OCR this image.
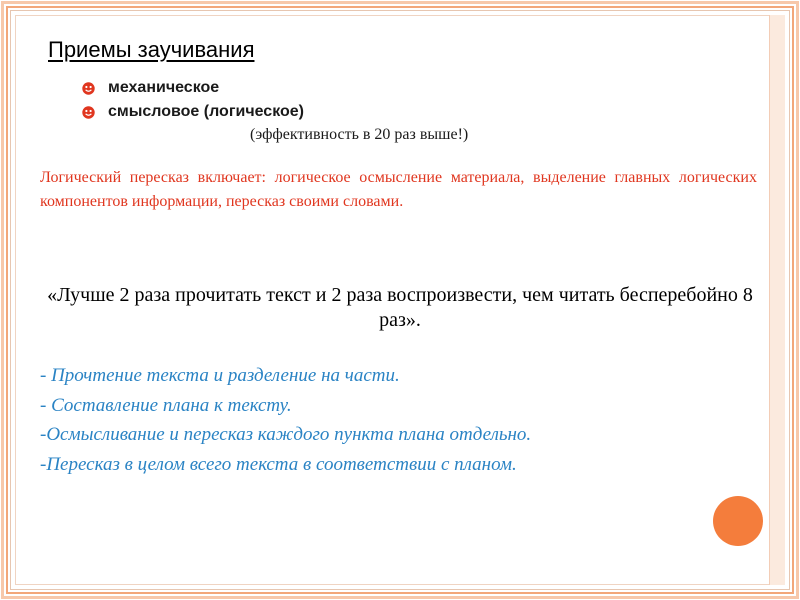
Приемы заучивания
механическое
смысловое (логическое)
(эффективность в 20 раз выше!)
Логический пересказ включает: логическое осмысление материала, выделение главных логических компонентов информации, пересказ своими словами.
«Лучше 2 раза прочитать текст и 2 раза воспроизвести, чем читать бесперебойно 8 раз».
- Прочтение текста и разделение на части.
- Составление плана к тексту.
-Осмысливание и пересказ каждого пункта плана отдельно.
-Пересказ в целом всего текста в соответствии с планом.
